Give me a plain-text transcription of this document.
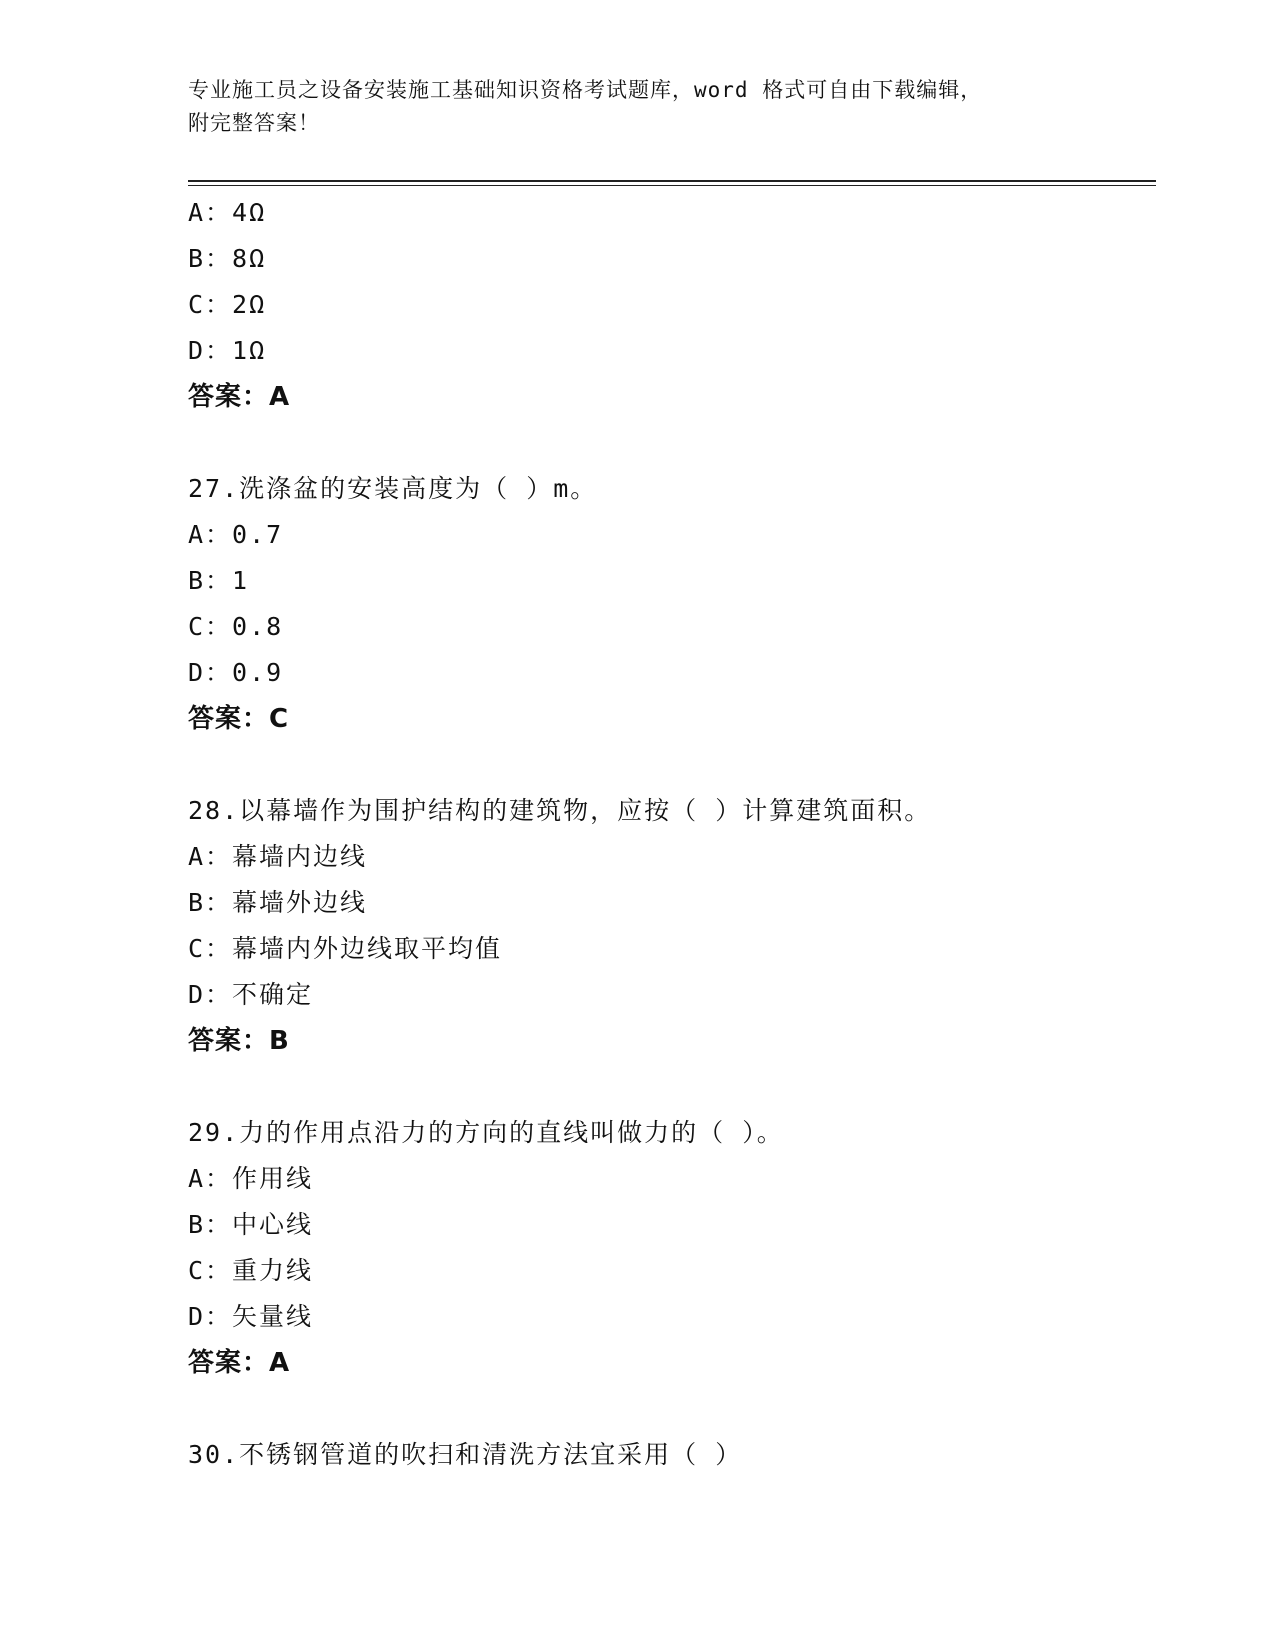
专业施工员之设备安装施工基础知识资格考试题库，word 格式可自由下载编辑，
附完整答案！
A：4Ω
B：8Ω
C：2Ω
D：1Ω
答案：A
27.洗涤盆的安装高度为（ ）m。
A：0.7
B：1
C：0.8
D：0.9
答案：C
28.以幕墙作为围护结构的建筑物，应按（ ）计算建筑面积。
A：幕墙内边线
B：幕墙外边线
C：幕墙内外边线取平均值
D：不确定
答案：B
29.力的作用点沿力的方向的直线叫做力的（ ）。
A：作用线
B：中心线
C：重力线
D：矢量线
答案：A
30.不锈钢管道的吹扫和清洗方法宜采用（ ）
